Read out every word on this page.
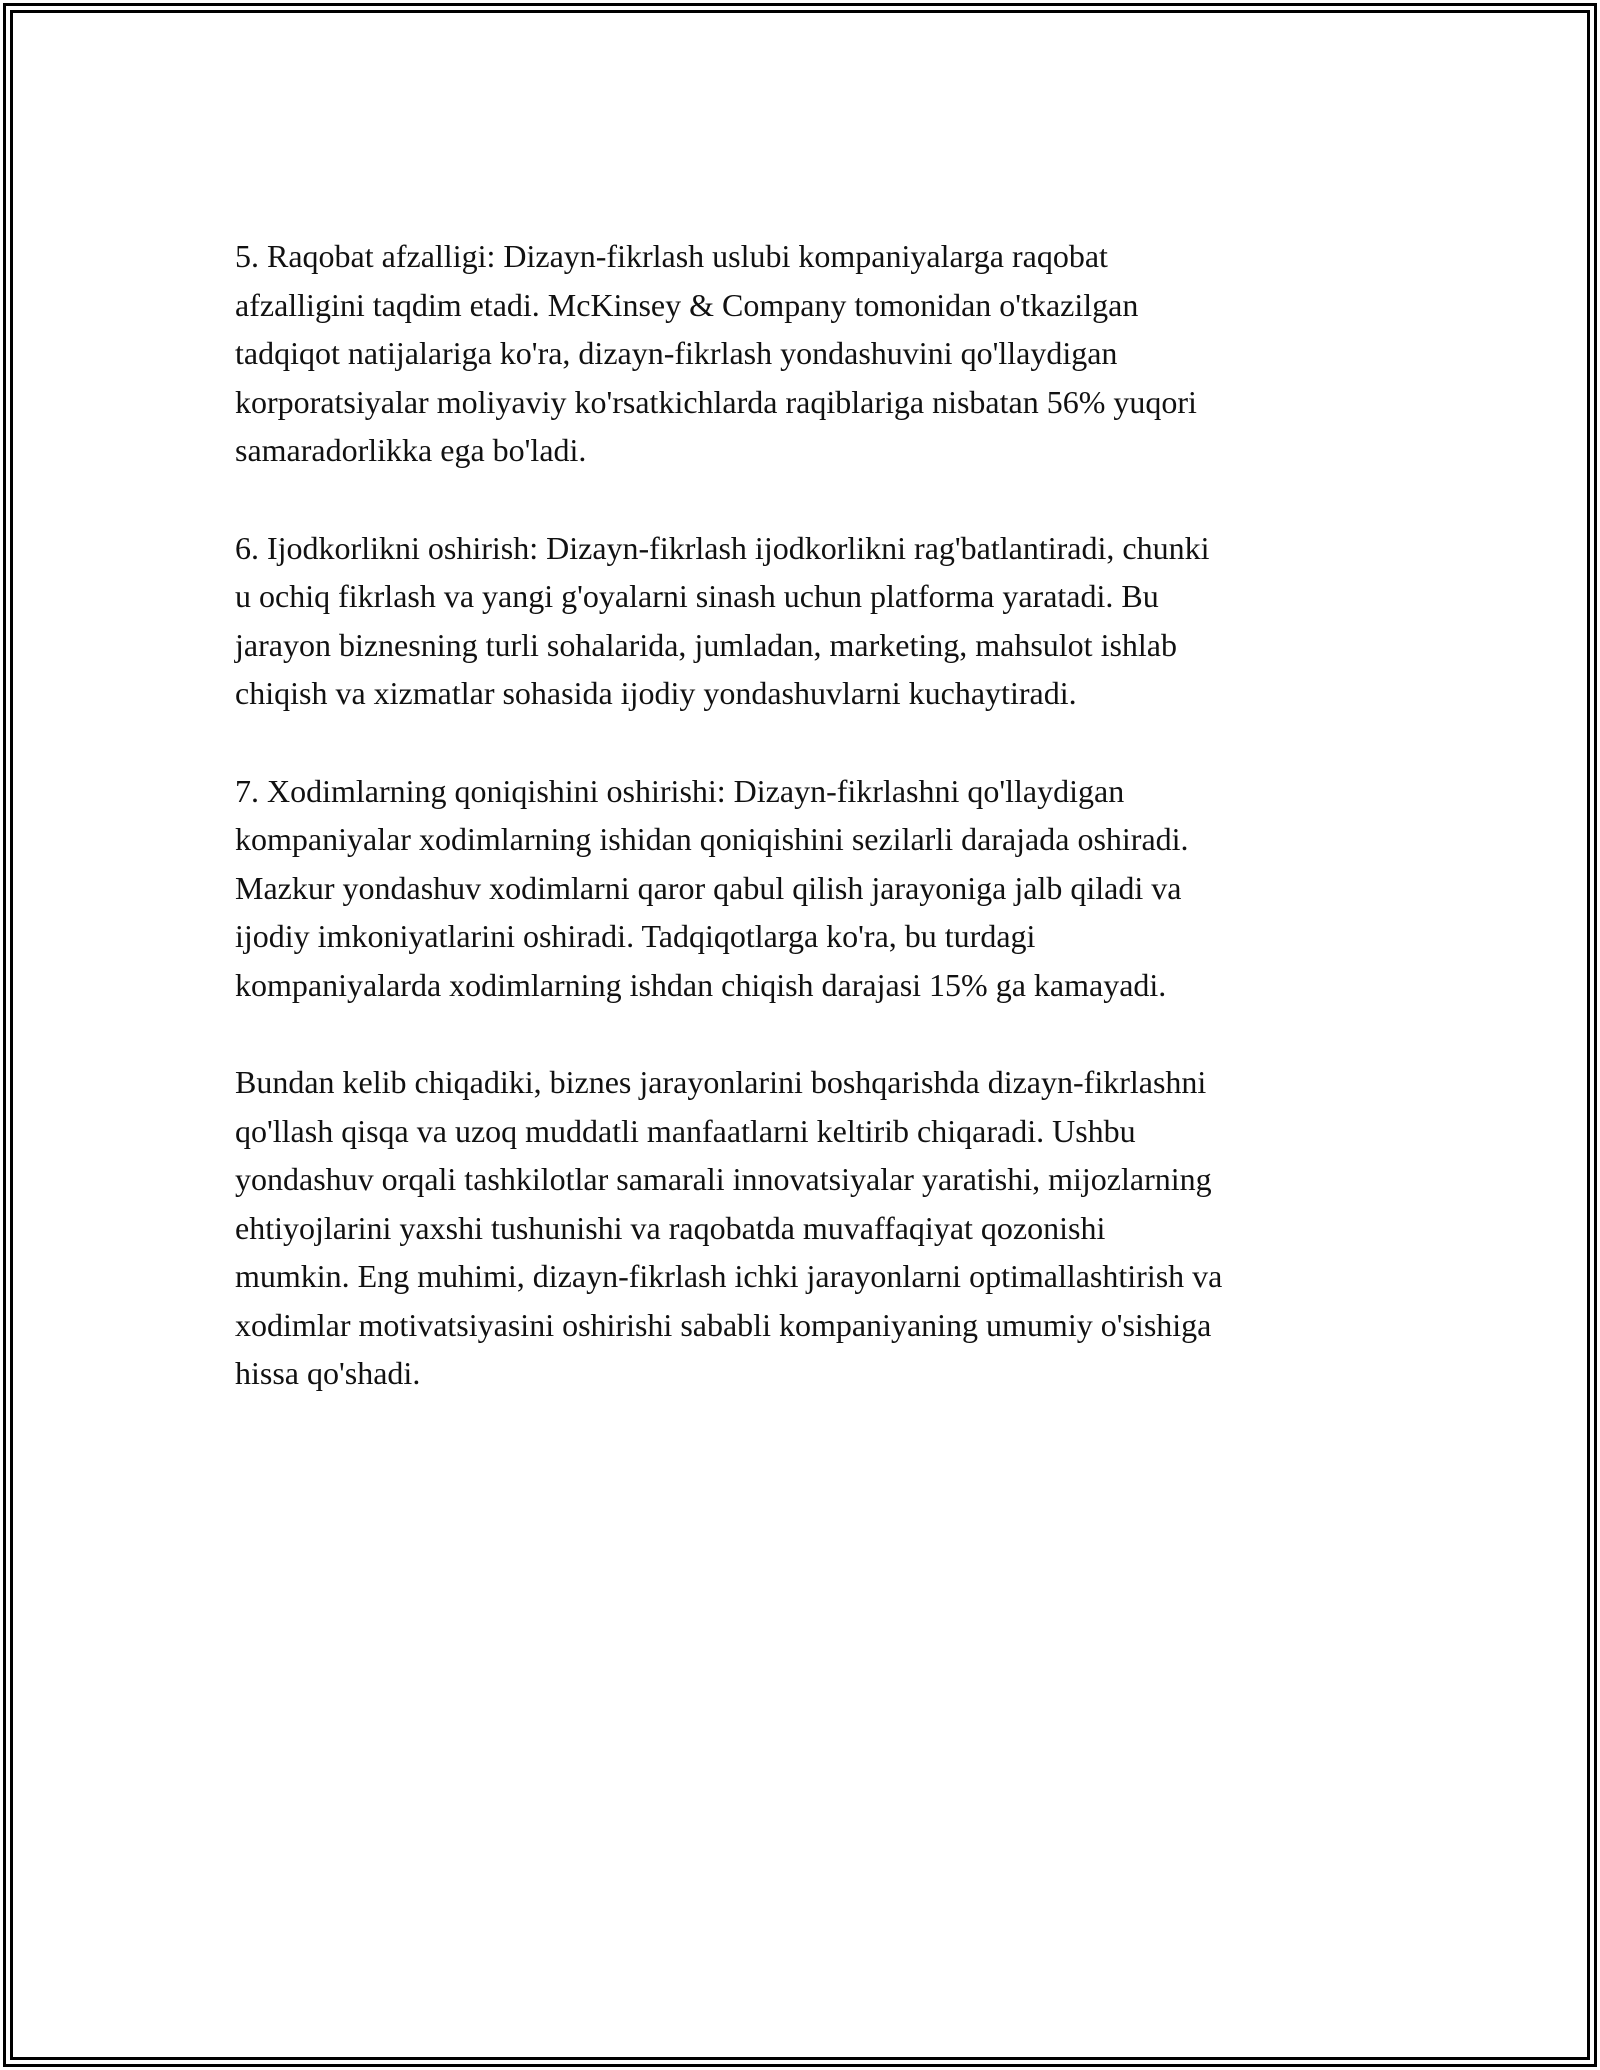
5. Raqobat afzalligi: Dizayn-fikrlash uslubi kompaniyalarga raqobat
afzalligini taqdim etadi. McKinsey & Company tomonidan o'tkazilgan
tadqiqot natijalariga ko'ra, dizayn-fikrlash yondashuvini qo'llaydigan
korporatsiyalar moliyaviy ko'rsatkichlarda raqiblariga nisbatan 56% yuqori
samaradorlikka ega bo'ladi.

6. Ijodkorlikni oshirish: Dizayn-fikrlash ijodkorlikni rag'batlantiradi, chunki
u ochiq fikrlash va yangi g'oyalarni sinash uchun platforma yaratadi. Bu
jarayon biznesning turli sohalarida, jumladan, marketing, mahsulot ishlab
chiqish va xizmatlar sohasida ijodiy yondashuvlarni kuchaytiradi.

7. Xodimlarning qoniqishini oshirishi: Dizayn-fikrlashni qo'llaydigan
kompaniyalar xodimlarning ishidan qoniqishini sezilarli darajada oshiradi.
Mazkur yondashuv xodimlarni qaror qabul qilish jarayoniga jalb qiladi va
ijodiy imkoniyatlarini oshiradi. Tadqiqotlarga ko'ra, bu turdagi
kompaniyalarda xodimlarning ishdan chiqish darajasi 15% ga kamayadi.

Bundan kelib chiqadiki, biznes jarayonlarini boshqarishda dizayn-fikrlashni
qo'llash qisqa va uzoq muddatli manfaatlarni keltirib chiqaradi. Ushbu
yondashuv orqali tashkilotlar samarali innovatsiyalar yaratishi, mijozlarning
ehtiyojlarini yaxshi tushunishi va raqobatda muvaffaqiyat qozonishi
mumkin. Eng muhimi, dizayn-fikrlash ichki jarayonlarni optimallashtirish va
xodimlar motivatsiyasini oshirishi sababli kompaniyaning umumiy o'sishiga
hissa qo'shadi.
